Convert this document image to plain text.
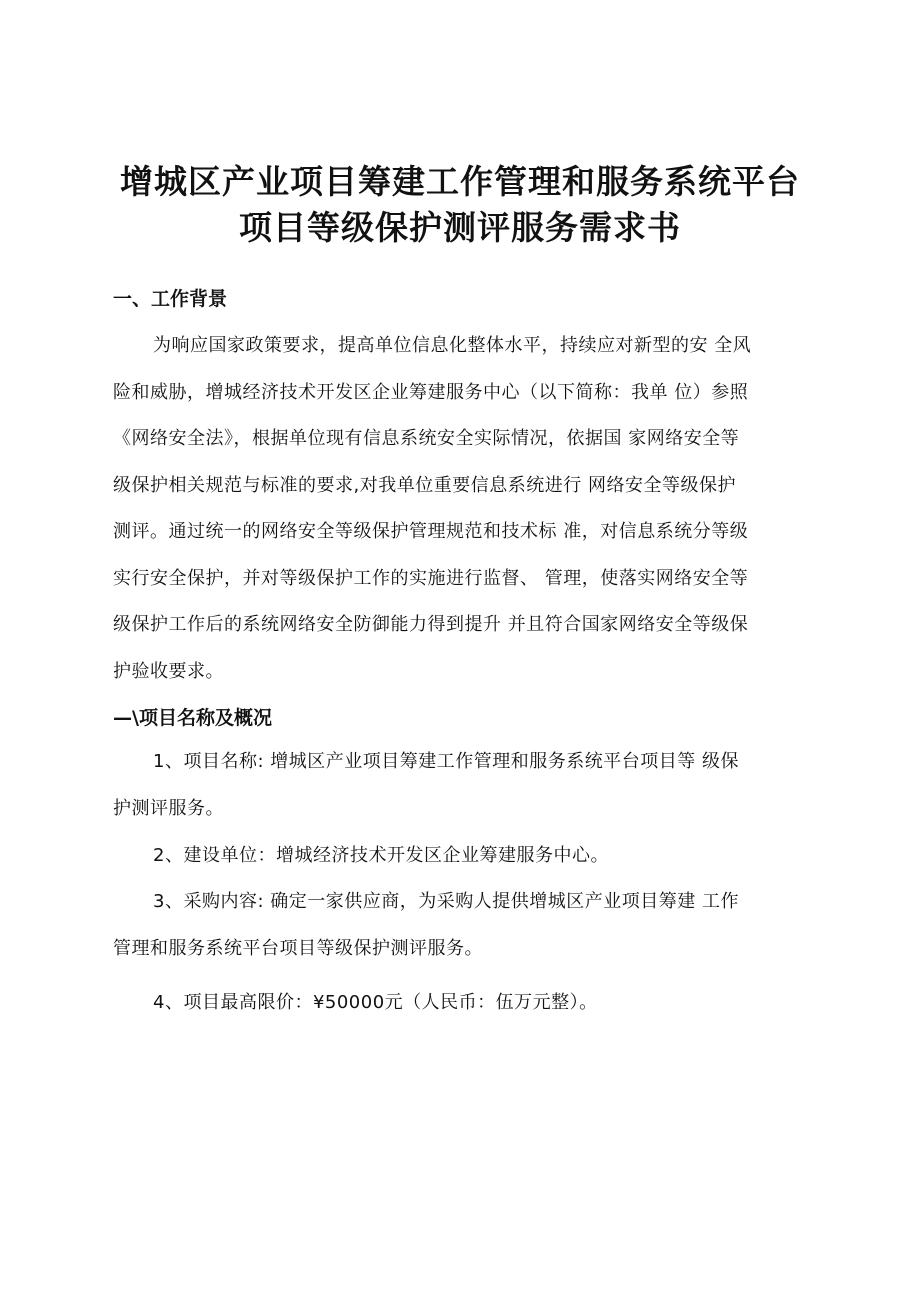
增城区产业项目筹建工作管理和服务系统平台
项目等级保护测评服务需求书
一、工作背景
为响应国家政策要求，提高单位信息化整体水平，持续应对新型的安 全风
险和威胁，增城经济技术开发区企业筹建服务中心（以下简称：我单 位）参照
《网络安全法》，根据单位现有信息系统安全实际情况，依据国 家网络安全等
级保护相关规范与标准的要求,对我单位重要信息系统进行 网络安全等级保护
测评。通过统一的网络安全等级保护管理规范和技术标 准，对信息系统分等级
实行安全保护，并对等级保护工作的实施进行监督、 管理，使落实网络安全等
级保护工作后的系统网络安全防御能力得到提升 并且符合国家网络安全等级保
护验收要求。
—\项目名称及概况
1、项目名称: 增城区产业项目筹建工作管理和服务系统平台项目等 级保
护测评服务。
2、建设单位：增城经济技术开发区企业筹建服务中心。
3、采购内容: 确定一家供应商，为采购人提供增城区产业项目筹建 工作
管理和服务系统平台项目等级保护测评服务。
4、项目最高限价：¥50000元（人民币：伍万元整）。
